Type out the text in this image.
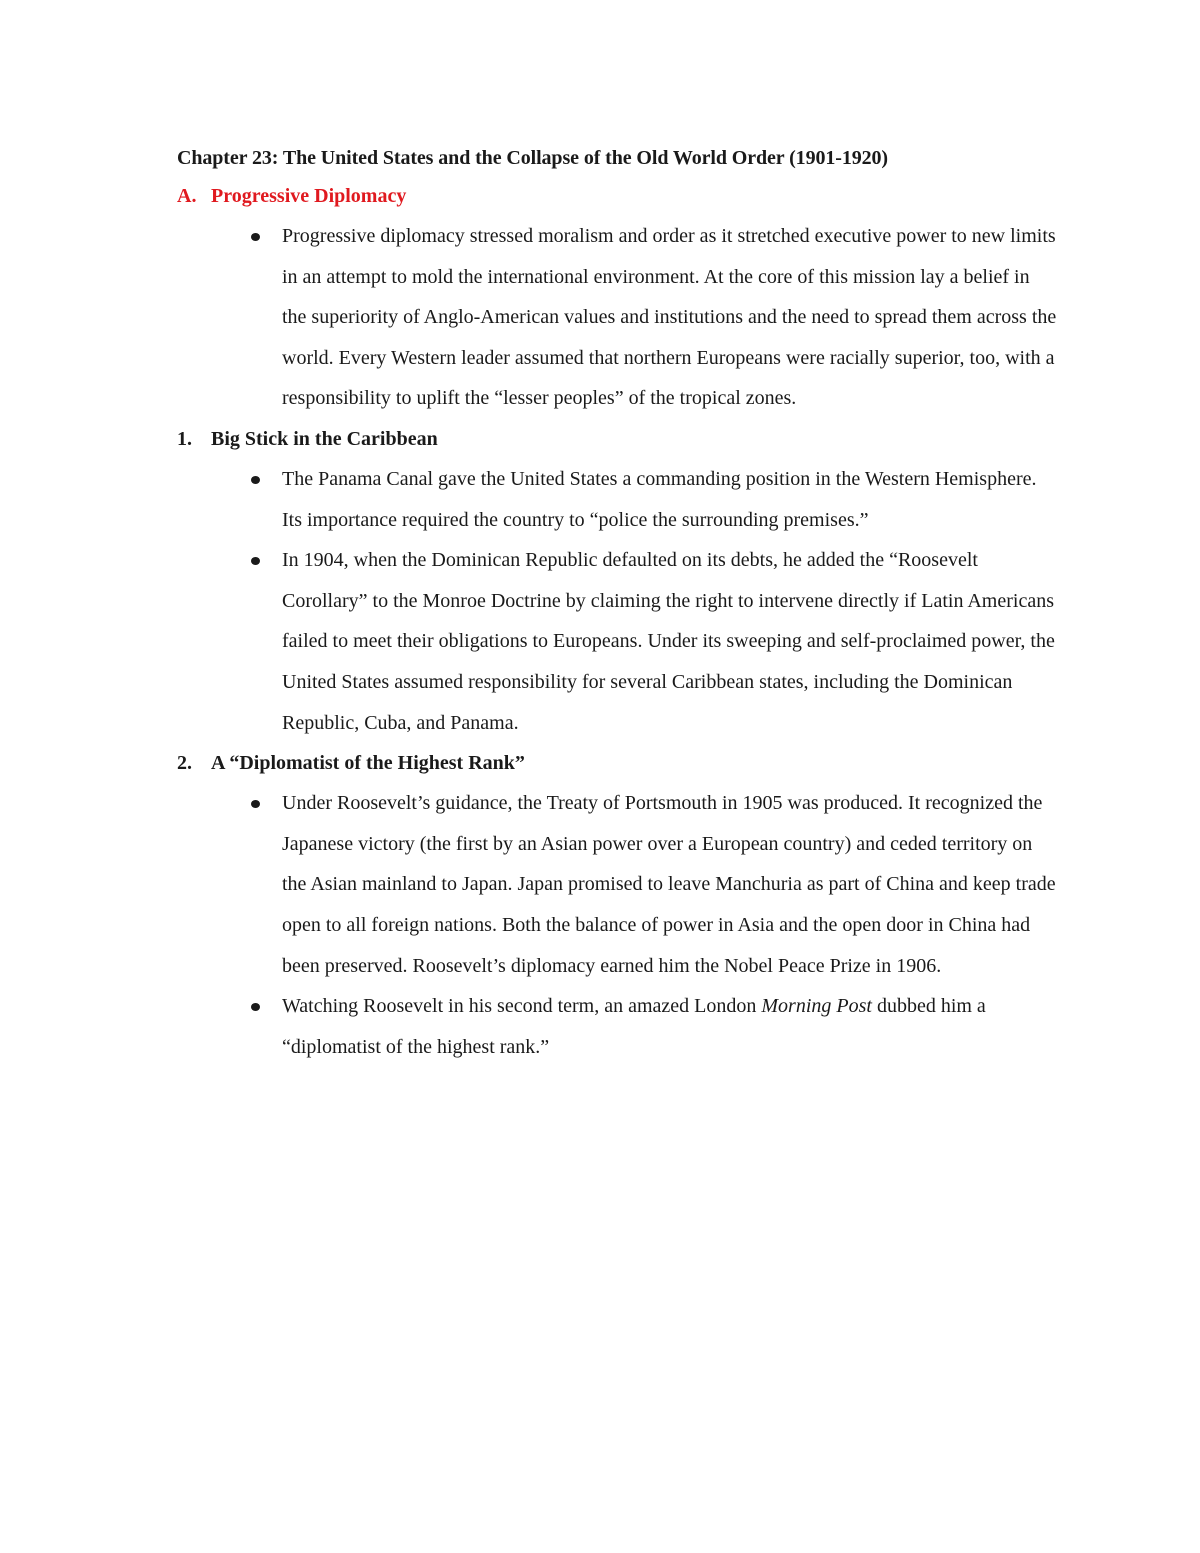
Chapter 23: The United States and the Collapse of the Old World Order (1901-1920)
A. Progressive Diplomacy
Progressive diplomacy stressed moralism and order as it stretched executive power to new limits in an attempt to mold the international environment. At the core of this mission lay a belief in the superiority of Anglo-American values and institutions and the need to spread them across the world. Every Western leader assumed that northern Europeans were racially superior, too, with a responsibility to uplift the “lesser peoples” of the tropical zones.
1. Big Stick in the Caribbean
The Panama Canal gave the United States a commanding position in the Western Hemisphere. Its importance required the country to “police the surrounding premises.”
In 1904, when the Dominican Republic defaulted on its debts, he added the “Roosevelt Corollary” to the Monroe Doctrine by claiming the right to intervene directly if Latin Americans failed to meet their obligations to Europeans. Under its sweeping and self-proclaimed power, the United States assumed responsibility for several Caribbean states, including the Dominican Republic, Cuba, and Panama.
2. A “Diplomatist of the Highest Rank”
Under Roosevelt’s guidance, the Treaty of Portsmouth in 1905 was produced. It recognized the Japanese victory (the first by an Asian power over a European country) and ceded territory on the Asian mainland to Japan. Japan promised to leave Manchuria as part of China and keep trade open to all foreign nations. Both the balance of power in Asia and the open door in China had been preserved. Roosevelt’s diplomacy earned him the Nobel Peace Prize in 1906.
Watching Roosevelt in his second term, an amazed London Morning Post dubbed him a “diplomatist of the highest rank.”
